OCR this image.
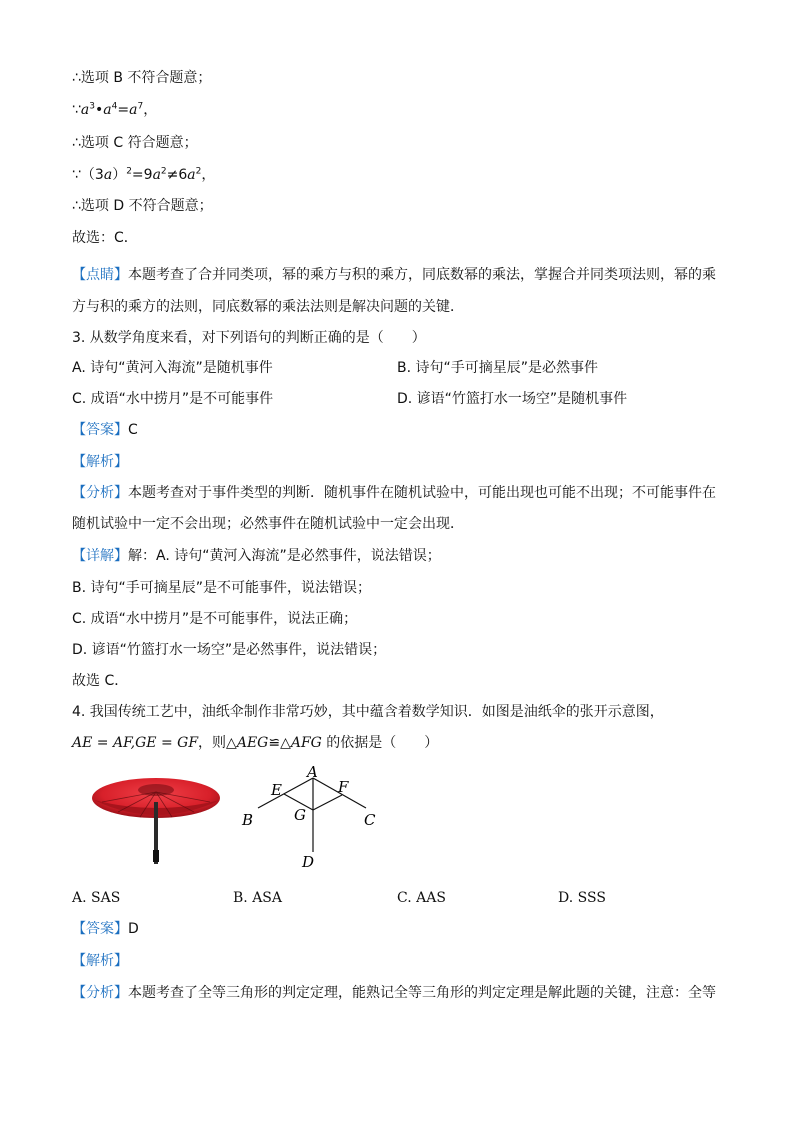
∴选项 B 不符合题意；
$\because a^3•a^4=a^7$，
∴选项 C 符合题意；
$\because(3a)^2=9a^2\ne 6a^2$，
∴选项 D 不符合题意；
故选：C．
【点睛】本题考查了合并同类项，幂的乘方与积的乘方，同底数幂的乘法，掌握合并同类项法则，幂的乘
方与积的乘方的法则，同底数幂的乘法法则是解决问题的关键．
3. 从数学角度来看，对下列语句的判断正确的是（　　）
A. 诗句“黄河入海流”是随机事件	B. 诗句“手可摘星辰”是必然事件
C. 成语“水中捞月”是不可能事件	D. 谚语“竹篮打水一场空”是随机事件
【答案】C
【解析】
【分析】本题考查对于事件类型的判断．随机事件在随机试验中，可能出现也可能不出现；不可能事件在
随机试验中一定不会出现；必然事件在随机试验中一定会出现．
【详解】解：A. 诗句“黄河入海流”是必然事件，说法错误；
B. 诗句“手可摘星辰”是不可能事件，说法错误；
C. 成语“水中捞月”是不可能事件，说法正确；
D. 谚语“竹篮打水一场空”是必然事件，说法错误；
故选 C．
4. 我国传统工艺中，油纸伞制作非常巧妙，其中蕴含着数学知识．如图是油纸伞的张开示意图，
AE = AF,GE = GF，则△AEG≌△AFG 的依据是（　　）
A
E	F
B	G	C
D
A. SAS	B. ASA	C. AAS	D. SSS
【答案】D
【解析】
【分析】本题考查了全等三角形的判定定理，能熟记全等三角形的判定定理是解此题的关键，注意：全等
